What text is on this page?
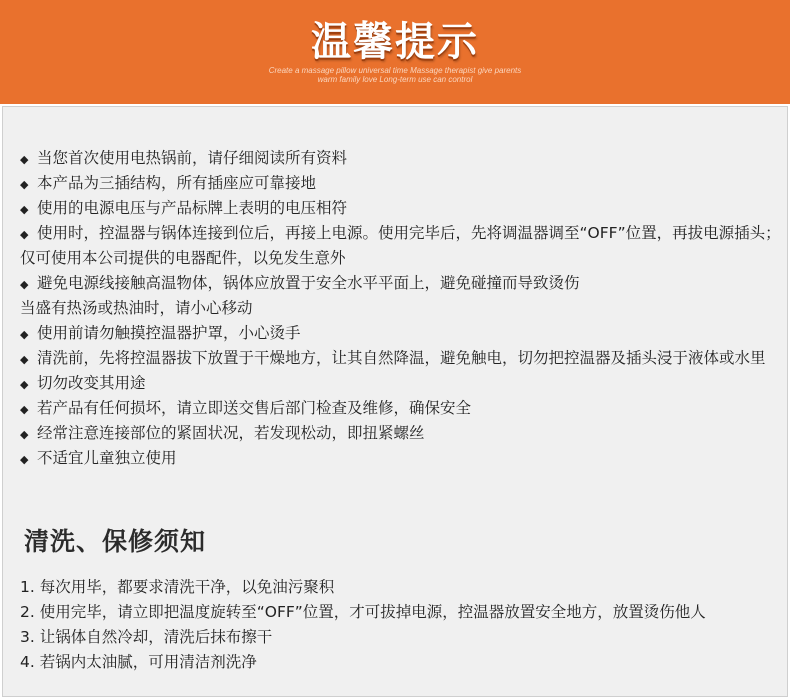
温馨提示
Create a massage pillow universal time Massage therapist give parents
warm family love Long-term use can control
◆ 当您首次使用电热锅前，请仔细阅读所有资料
◆ 本产品为三插结构，所有插座应可靠接地
◆ 使用的电源电压与产品标牌上表明的电压相符
◆ 使用时，控温器与锅体连接到位后，再接上电源。使用完毕后，先将调温器调至“OFF”位置，再拔电源插头；仅可使用本公司提供的电器配件，以免发生意外
◆ 避免电源线接触高温物体，锅体应放置于安全水平平面上，避免碰撞而导致烫伤
当盛有热汤或热油时，请小心移动
◆ 使用前请勿触摸控温器护罩，小心烫手
◆ 清洗前，先将控温器拔下放置于干燥地方，让其自然降温，避免触电，切勿把控温器及插头浸于液体或水里
◆ 切勿改变其用途
◆ 若产品有任何损坏，请立即送交售后部门检查及维修，确保安全
◆ 经常注意连接部位的紧固状况，若发现松动，即扭紧螺丝
◆ 不适宜儿童独立使用
清洗、保修须知
1. 每次用毕，都要求清洗干净，以免油污聚积
2. 使用完毕，请立即把温度旋转至“OFF”位置，才可拔掉电源，控温器放置安全地方，放置烫伤他人
3. 让锅体自然冷却，清洗后抹布擦干
4. 若锅内太油腻，可用清洁剂洗净
